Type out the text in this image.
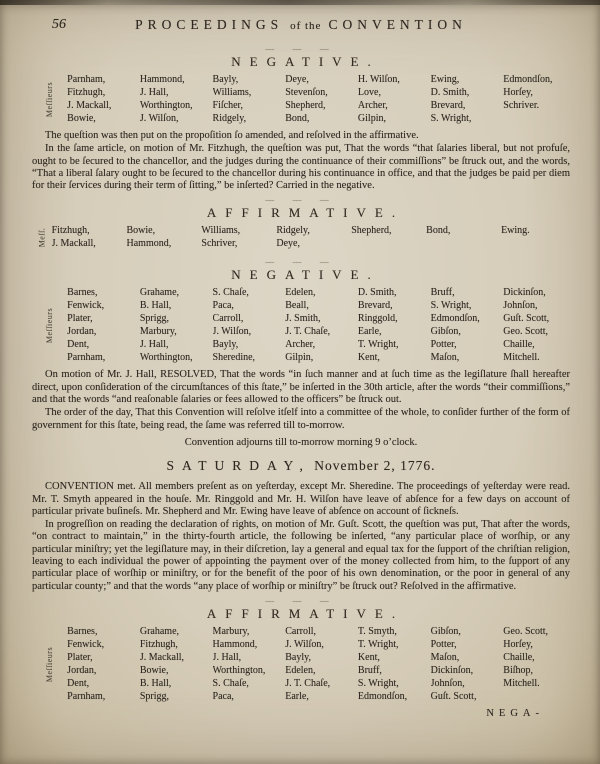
56	PROCEEDINGS of the CONVENTION
﹏ ﹏ ﹏
NEGATIVE.
Meſſieurs
Parnham,	Hammond,	Bayly,	Deye,	H. Wilſon,	Ewing,	Edmondſon,
Fitzhugh,	J. Hall,	Williams,	Stevenſon,	Love,	D. Smith,	Horſey,
J. Mackall,	Worthington,	Fiſcher,	Shepherd,	Archer,	Brevard,	Schriver.
Bowie,	J. Wilſon,	Ridgely,	Bond,	Gilpin,	S. Wright,

The queſtion was then put on the propoſition ſo amended, and reſolved in the affirmative.

In the ſame article, on motion of Mr. Fitzhugh, the queſtion was put, That the words “that ſalaries liberal, but not profuſe, ought to be ſecured to the chancellor, and the judges during the continuance of their commiſſions” be ſtruck out, and the words, “That a liberal ſalary ought to be ſecured to the chancellor during his continuance in office, and that the judges be paid per diem for their ſervices during their term of ſitting,” be inſerted? Carried in the negative.

﹏ ﹏ ﹏
AFFIRMATIVE.
Meſſ. Fitzhugh,	Bowie,	Williams,	Ridgely,	Shepherd,	Bond,	Ewing.
J. Mackall,	Hammond,	Schriver,	Deye,
﹏ ﹏ ﹏
NEGATIVE.
Meſſieurs
Barnes,	Grahame,	S. Chaſe,	Edelen,	D. Smith,	Bruff,	Dickinſon,
Fenwick,	B. Hall,	Paca,	Beall,	Brevard,	S. Wright,	Johnſon,
Plater,	Sprigg,	Carroll,	J. Smith,	Ringgold,	Edmondſon,	Guſt. Scott,
Jordan,	Marbury,	J. Wilſon,	J. T. Chaſe,	Earle,	Gibſon,	Geo. Scott,
Dent,	J. Hall,	Bayly,	Archer,	T. Wright,	Potter,	Chaille,
Parnham,	Worthington,	Sheredine,	Gilpin,	Kent,	Maſon,	Mitchell.

On motion of Mr. J. Hall, RESOLVED, That the words “in ſuch manner and at ſuch time as the legiſlature ſhall hereafter direct, upon conſideration of the circumſtances of this ſtate,” be inſerted in the 30th article, after the words “their commiſſions,” and that the words “and reaſonable ſalaries or fees allowed to the officers” be ſtruck out.

The order of the day, That this Convention will reſolve itſelf into a committee of the whole, to conſider further of the form of government for this ſtate, being read, the ſame was referred till to-morrow.

Convention adjourns till to-morrow morning 9 o’clock.

SATURDAY, November 2, 1776.

CONVENTION met. All members preſent as on yeſterday, except Mr. Sheredine. The proceedings of yeſterday were read. Mr. T. Smyth appeared in the houſe. Mr. Ringgold and Mr. H. Wilſon have leave of abſence for a few days on account of particular private buſineſs. Mr. Shepherd and Mr. Ewing have leave of abſence on account of ſickneſs.

In progreſſion on reading the declaration of rights, on motion of Mr. Guſt. Scott, the queſtion was put, That after the words, “on contract to maintain,” in the thirty-fourth article, the following be inſerted, “any particular place of worſhip, or any particular miniſtry; yet the legiſlature may, in their diſcretion, lay a general and equal tax for the ſupport of the chriſtian religion, leaving to each individual the power of appointing the payment over of the money collected from him, to the ſupport of any particular place of worſhip or miniſtry, or for the benefit of the poor of his own denomination, or the poor in general of any particular county;” and that the words “any place of worſhip or miniſtry” be ſtruck out? Reſolved in the affirmative.

﹏ ﹏ ﹏
AFFIRMATIVE.
Meſſieurs
Barnes,	Grahame,	Marbury,	Carroll,	T. Smyth,	Gibſon,	Geo. Scott,
Fenwick,	Fitzhugh,	Hammond,	J. Wilſon,	T. Wright,	Potter,	Horſey,
Plater,	J. Mackall,	J. Hall,	Bayly,	Kent,	Maſon,	Chaille,
Jordan,	Bowie,	Worthington,	Edelen,	Bruff,	Dickinſon,	Biſhop,
Dent,	B. Hall,	S. Chaſe,	J. T. Chaſe,	S. Wright,	Johnſon,	Mitchell.
Parnham,	Sprigg,	Paca,	Earle,	Edmondſon,	Guſt. Scott,
NEGA-
